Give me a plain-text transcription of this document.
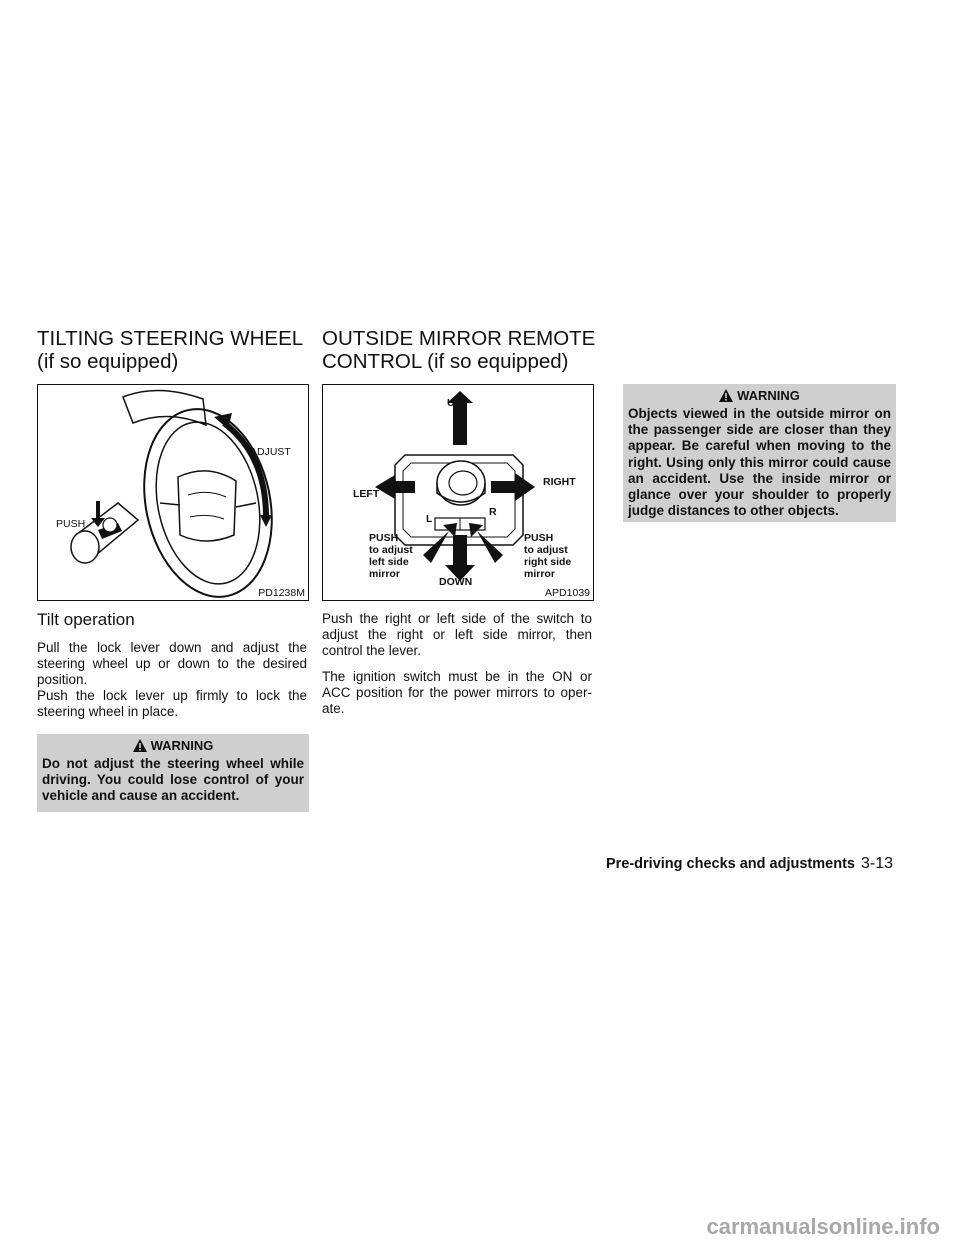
TILTING STEERING WHEEL
(if so equipped)
OUTSIDE MIRROR REMOTE
CONTROL (if so equipped)
ADJUST
PUSH
PD1238M
Tilt operation
Pull the lock lever down and adjust the steering wheel up or down to the desired position.
Push the lock lever up firmly to lock the steering wheel in place.
WARNING
Do not adjust the steering wheel while driving. You could lose control of your vehicle and cause an accident.
UP
LEFT
RIGHT
DOWN
L
R
PUSH
to adjust
left side
mirror
PUSH
to adjust
right side
mirror
APD1039
Push the right or left side of the switch to adjust the right or left side mirror, then control the lever.
The ignition switch must be in the ON or ACC position for the power mirrors to oper- ate.
WARNING
Objects viewed in the outside mirror on the passenger side are closer than they appear. Be careful when moving to the right. Using only this mirror could cause an accident. Use the inside mirror or glance over your shoulder to properly judge distances to other objects.
Pre-driving checks and adjustments 3-13
carmanualsonline.info
